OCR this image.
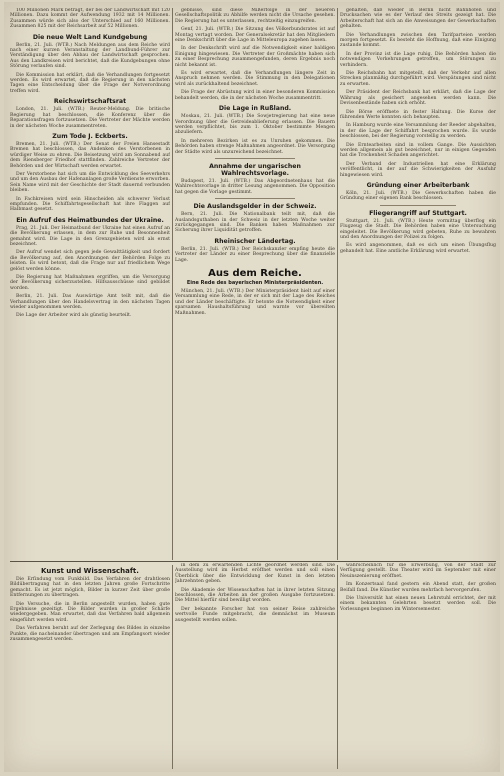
100 Millionen Mark beträgt, der bei der Landwirtschaft mit 120 Millionen. Dazu kommt der Aufwendung 1932 mit 14 Millionen. Zusammen würde sich also der Unterschied auf 160 Millionen. Zusammen 825 mit der Reichsarbeit auf 52 Millionen.

Die neue Welt Land Kundgebung

Berlin, 21. Juli. (WTB.) Nach Meldungen aus dem Reiche wird nach einer kurzen Veranstaltung der Landbund-Führer zur Verständigung über den Abbau der Landwirtschaft gesprochen. Aus den Landkreisen wird berichtet, daß die Kundgebungen ohne Störung verlaufen sind.

Die Kommission hat erklärt, daß die Verhandlungen fortgesetzt werden. Es wird erwartet, daß die Regierung in den nächsten Tagen eine Entscheidung über die Frage der Notverordnung treffen wird.

Reichswirtschaftsrat

London, 21. Juli. (WTB.) Reuter-Meldung. Die britische Regierung hat beschlossen, die Konferenz über die Reparationsfragen fortzusetzen. Die Vertreter der Mächte werden in der nächsten Woche zusammentreten.

Zum Tode J. Eckberts.

Bremen, 21. Juli. (WTB.) Der Senat der Freien Hansestadt Bremen hat beschlossen, das Andenken des Verstorbenen in würdiger Weise zu ehren. Die Beisetzung wird am Sonnabend auf dem Riensberger Friedhof stattfinden. Zahlreiche Vertreter der Behörden und der Wirtschaft werden erwartet.

Der Verstorbene hat sich um die Entwicklung des Seeverkehrs und um den Ausbau der Hafenanlagen große Verdienste erworben. Sein Name wird mit der Geschichte der Stadt dauernd verbunden bleiben.

In Fachkreisen wird sein Hinscheiden als schwerer Verlust empfunden. Die Schiffahrtsgesellschaft hat ihre Flaggen auf Halbmast gesetzt.

Ein Aufruf des Heimatbundes der Ukraine.

Prag, 21. Juli. Der Heimatbund der Ukraine hat einen Aufruf an die Bevölkerung erlassen, in dem zur Ruhe und Besonnenheit gemahnt wird. Die Lage in den Grenzgebieten wird als ernst bezeichnet.

Der Aufruf wendet sich gegen jede Gewalttätigkeit und fordert die Bevölkerung auf, den Anordnungen der Behörden Folge zu leisten. Es wird betont, daß die Frage nur auf friedlichem Wege gelöst werden könne.

Die Regierung hat Maßnahmen ergriffen, um die Versorgung der Bevölkerung sicherzustellen. Hilfsausschüsse sind gebildet worden.

Berlin, 21. Juli. Das Auswärtige Amt teilt mit, daß die Verhandlungen über den Handelsvertrag in den nächsten Tagen wieder aufgenommen werden.

Die Lage der Arbeiter wird als günstig beurteilt.

gebnisse, sind diese Mißerfolge in der neueren Gesellschaftspolitik zu Abhilfe werden nicht die Ursache gesehen. Die Regierung hat es unterlassen, rechtzeitig einzugreifen.

Genf, 21. Juli. (WTB.) Die Sitzung des Völkerbundsrates ist auf Montag vertagt worden. Der Generalsekretär hat den Mitgliedern eine Denkschrift über die Lage in Mitteleuropa zugehen lassen.

In der Denkschrift wird auf die Notwendigkeit einer baldigen Einigung hingewiesen. Die Vertreter der Großmächte haben sich zu einer Besprechung zusammengefunden, deren Ergebnis noch nicht bekannt ist.

Es wird erwartet, daß die Verhandlungen längere Zeit in Anspruch nehmen werden. Die Stimmung in den Delegationen wird als zurückhaltend bezeichnet.

Die Frage der Abrüstung wird in einer besonderen Kommission behandelt werden, die in der nächsten Woche zusammentritt.

Die Lage in Rußland.

Moskau, 21. Juli. (WTB.) Die Sowjetregierung hat eine neue Verordnung über die Getreideablieferung erlassen. Die Bauern werden verpflichtet, bis zum 1. Oktober bestimmte Mengen abzuliefern.

In mehreren Bezirken ist es zu Unruhen gekommen. Die Behörden haben strenge Maßnahmen angeordnet. Die Versorgung der Städte wird als unzureichend bezeichnet.

Annahme der ungarischen Wahlrechtsvorlage.

Budapest, 21. Juli. (WTB.) Das Abgeordnetenhaus hat die Wahlrechtsvorlage in dritter Lesung angenommen. Die Opposition hat gegen die Vorlage gestimmt.

Die Auslandsgelder in der Schweiz.

Bern, 21. Juli. Die Nationalbank teilt mit, daß die Auslandsguthaben in der Schweiz in der letzten Woche weiter zurückgegangen sind. Die Banken haben Maßnahmen zur Sicherung ihrer Liquidität getroffen.

Rheinischer Ländertag.

Berlin, 21. Juli. (WTB.) Der Reichskanzler empfing heute die Vertreter der Länder zu einer Besprechung über die finanzielle Lage.

Aus dem Reiche.
Eine Rede des bayerischen Ministerpräsidenten.

München, 21. Juli. (WTB.) Der Ministerpräsident hielt auf einer Versammlung eine Rede, in der er sich mit der Lage des Reiches und der Länder beschäftigte. Er betonte die Notwendigkeit einer sparsamen Haushaltsführung und warnte vor übereilten Maßnahmen.

gehalten, daß wieder in Berlin nicht Bahnhöfen und Drucksachen wie es der Verlauf des Streits gezeigt hat. Die Arbeiterschaft hat sich an die Anweisungen der Gewerkschaften gehalten.

Die Verhandlungen zwischen den Tarifparteien werden morgen fortgesetzt. Es besteht die Hoffnung, daß eine Einigung zustande kommt.

In der Provinz ist die Lage ruhig. Die Behörden haben die notwendigen Vorkehrungen getroffen, um Störungen zu verhindern.

Die Reichsbahn hat mitgeteilt, daß der Verkehr auf allen Strecken planmäßig durchgeführt wird. Verspätungen sind nicht zu erwarten.

Der Präsident der Reichsbank hat erklärt, daß die Lage der Währung als gesichert angesehen werden kann. Die Devisenbestände haben sich erhöht.

Die Börse eröffnete in fester Haltung. Die Kurse der führenden Werte konnten sich behaupten.

In Hamburg wurde eine Versammlung der Reeder abgehalten, in der die Lage der Schiffahrt besprochen wurde. Es wurde beschlossen, bei der Regierung vorstellig zu werden.

Die Erntearbeiten sind in vollem Gange. Die Aussichten werden allgemein als gut bezeichnet, nur in einigen Gegenden hat die Trockenheit Schaden angerichtet.

Der Verband der Industriellen hat eine Erklärung veröffentlicht, in der auf die Schwierigkeiten der Ausfuhr hingewiesen wird.

Gründung einer Arbeiterbank

Köln, 21. Juli. (WTB.) Die Gewerkschaften haben die Gründung einer eigenen Bank beschlossen.

Fliegerangriff auf Stuttgart.

Stuttgart, 21. Juli. (WTB.) Heute vormittag überflog ein Flugzeug die Stadt. Die Behörden haben eine Untersuchung eingeleitet. Die Bevölkerung wird gebeten, Ruhe zu bewahren und den Anordnungen der Polizei zu folgen.

Es wird angenommen, daß es sich um einen Übungsflug gehandelt hat. Eine amtliche Erklärung wird erwartet.

Kunst und Wissenschaft.

Die Erfindung vom Funkbild. Das Verfahren der drahtlosen Bildübertragung hat in den letzten Jahren große Fortschritte gemacht. Es ist jetzt möglich, Bilder in kurzer Zeit über große Entfernungen zu übertragen.

Die Versuche, die in Berlin angestellt wurden, haben gute Ergebnisse gezeitigt. Die Bilder wurden in großer Schärfe wiedergegeben. Man erwartet, daß das Verfahren bald allgemein eingeführt werden wird.

Das Verfahren beruht auf der Zerlegung des Bildes in einzelne Punkte, die nacheinander übertragen und am Empfangsort wieder zusammengesetzt werden.

in dem zu erwartenden Lichte geordnet werden sind. Die Ausstellung wird im Herbst eröffnet werden und soll einen Überblick über die Entwicklung der Kunst in den letzten Jahrzehnten geben.

Die Akademie der Wissenschaften hat in ihrer letzten Sitzung beschlossen, die Arbeiten an der großen Ausgabe fortzusetzen. Die Mittel hierfür sind bewilligt worden.

Der bekannte Forscher hat von seiner Reise zahlreiche wertvolle Funde mitgebracht, die demnächst im Museum ausgestellt werden sollen.

wahrscheinlich für die Erwerbung, von der Stadt zur Verfügung gestellt. Das Theater wird im September mit einer Neuinszenierung eröffnet.

Im Konzertsaal fand gestern ein Abend statt, der großen Beifall fand. Die Künstler wurden mehrfach hervorgerufen.

Die Universität hat einen neuen Lehrstuhl errichtet, der mit einem bekannten Gelehrten besetzt werden soll. Die Vorlesungen beginnen im Wintersemester.
